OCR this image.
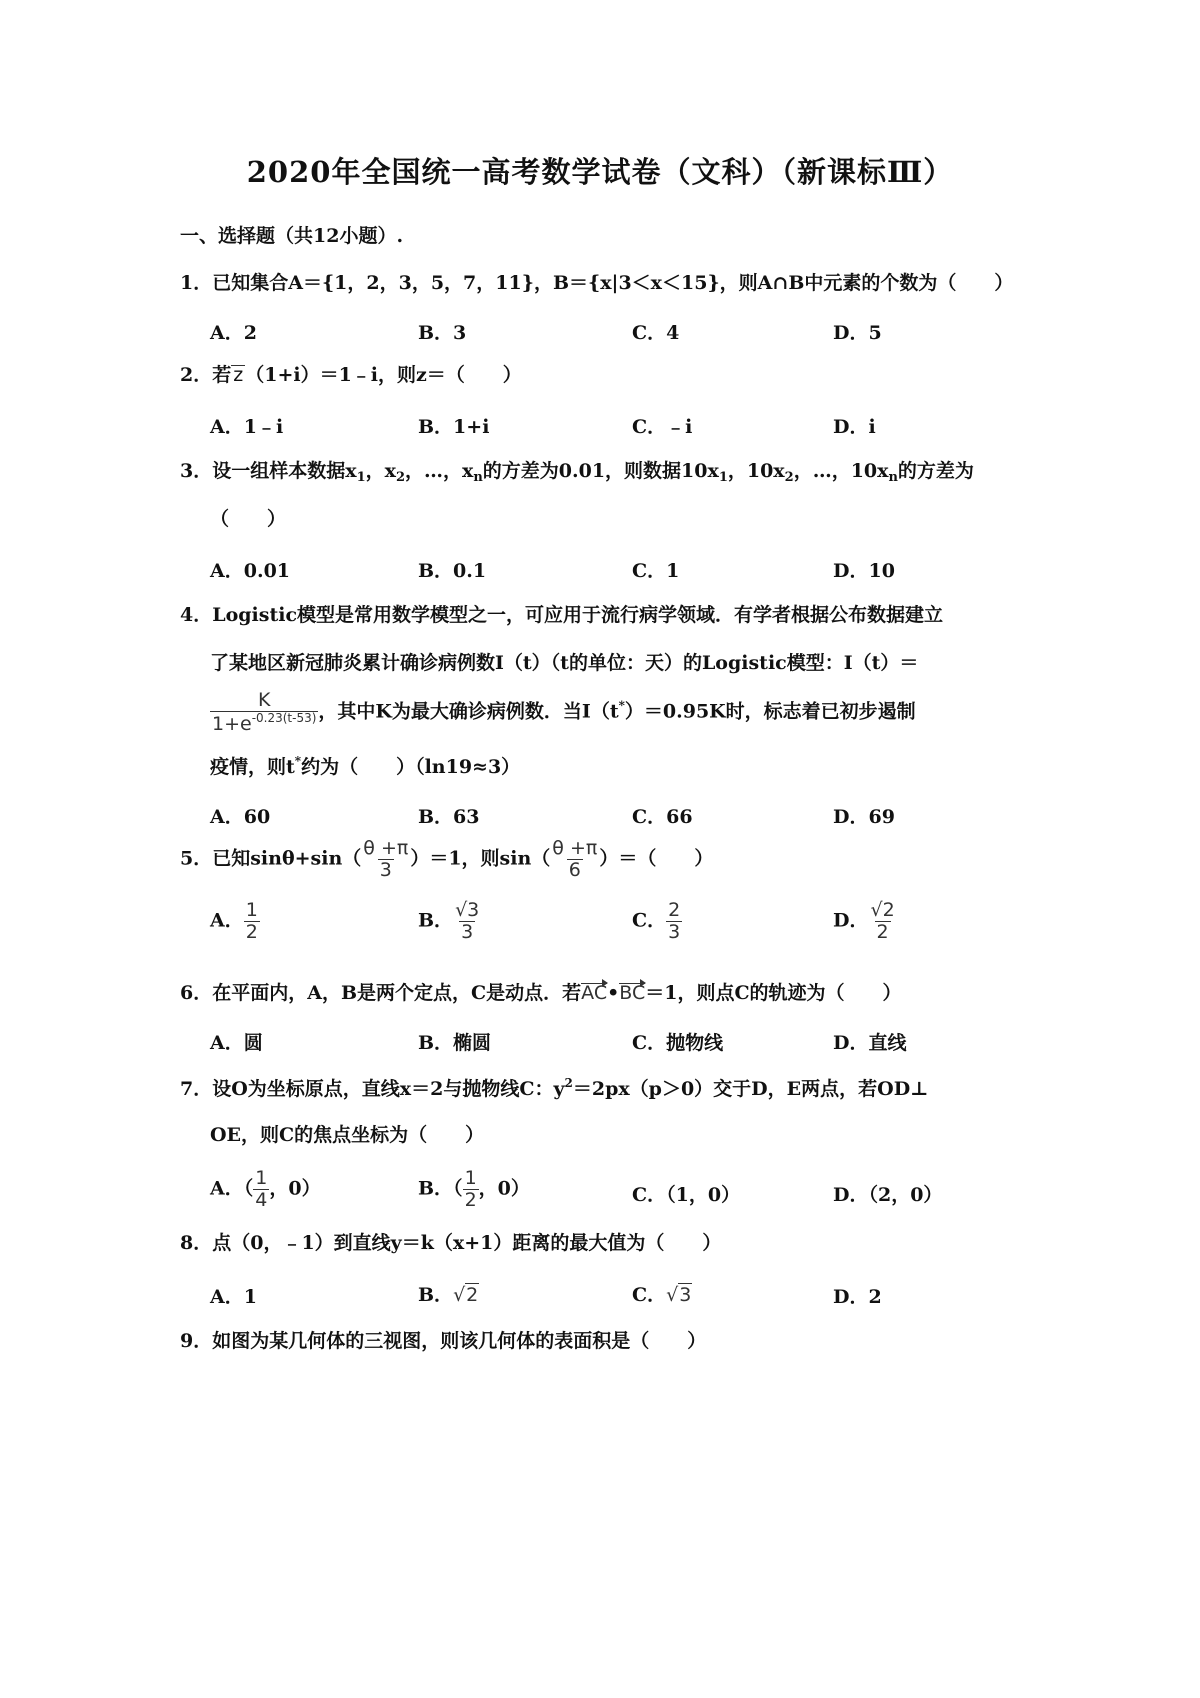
2020年全国统一高考数学试卷（文科）（新课标Ⅲ）
一、选择题（共12小题）.
1．已知集合A＝{1，2，3，5，7，11}，B＝{x|3＜x＜15}，则A∩B中元素的个数为（　　）
A．2	B．3	C．4	D．5
2．若 z （1+i）＝1﹣i，则z＝（　　）
A．1﹣i	B．1+i	C．﹣i	D．i
3．设一组样本数据$x_1$，$x_2$，…，$x_n$的方差为0.01，则数据$10x_1$，$10x_2$，…，$10x_n$的方差为
（　　）
A．0.01	B．0.1	C．1	D．10
4．Logistic模型是常用数学模型之一，可应用于流行病学领域．有学者根据公布数据建立
了某地区新冠肺炎累计确诊病例数I（t）（t的单位：天）的Logistic模型：I（t）＝
$\frac{K}{1+e^{-0.23(t-53)}}$ ，其中K为最大确诊病例数．当I（t*）＝0.95K时，标志着已初步遏制
疫情，则t*约为（　　）（ln19≈3）
A．60	B．63	C．66	D．69
5．已知$\sin\theta+\sin( \frac{\theta +\pi}{3} )=1$，则$\sin( \frac{\theta +\pi}{6}$ ）＝（　　）
A． $\frac{1}{2}$	B． $\frac{√3}{3}$	C． $\frac{2}{3}$	D． $\frac{√2}{2}$
6．在平面内，A，B是两个定点，C是动点．若AC•BC＝1，则点C的轨迹为（　　）
A．圆	B．椭圆	C．抛物线	D．直线
7．设O为坐标原点，直线x＝2与抛物线C：$y^2=2px(p>0)$交于D，E两点，若OD⊥
OE，则C的焦点坐标为（　　）
A．（ $\frac{1}{4}$ ，0）	B．（ $\frac{1}{2}$ ，0）	C．（1，0）	D．（2，0）
8．点（0，﹣1）到直线y＝k（x+1）距离的最大值为（　　）
A．1	B．√2	C．√3	D．2
9．如图为某几何体的三视图，则该几何体的表面积是（　　）
